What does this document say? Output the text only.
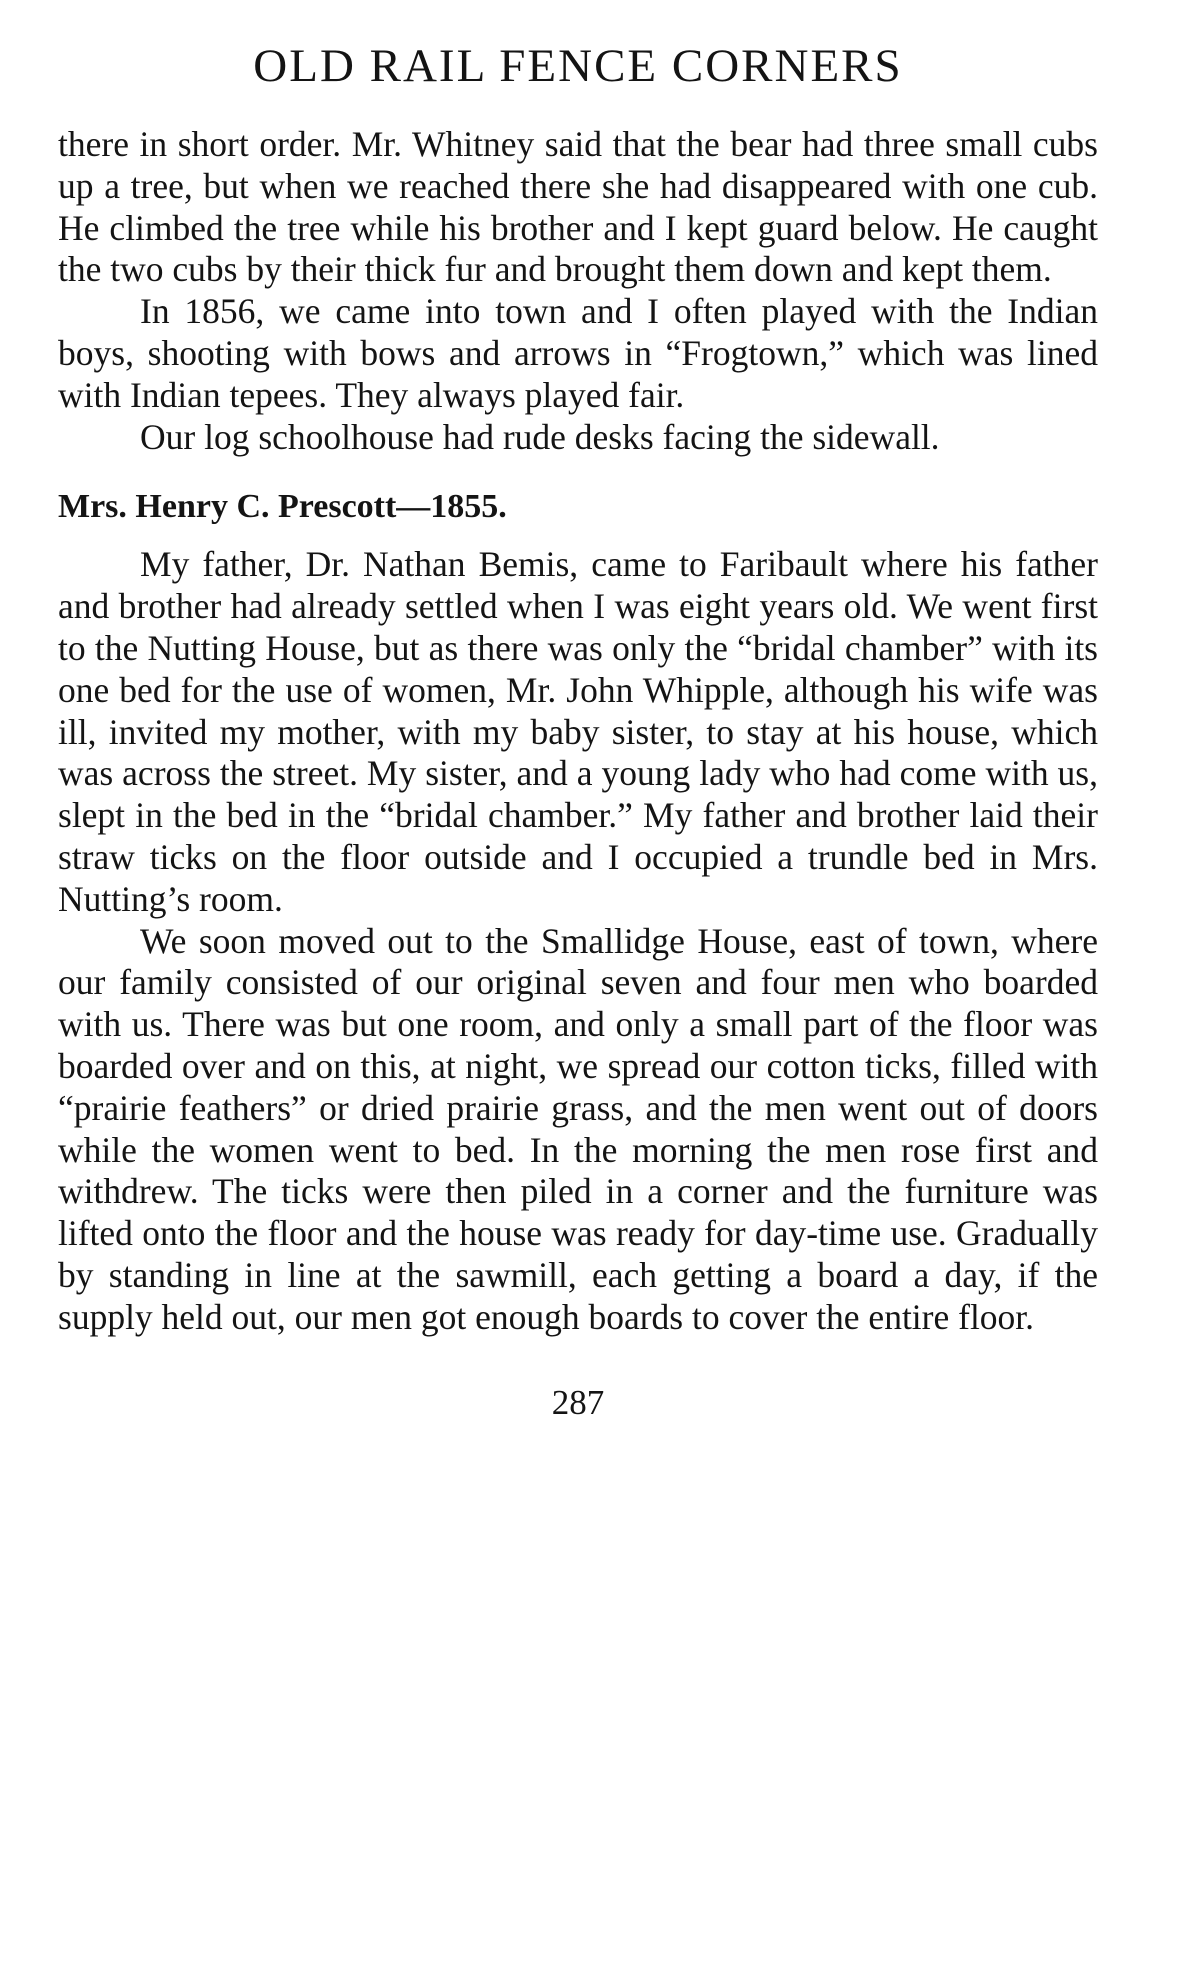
OLD RAIL FENCE CORNERS

there in short order. Mr. Whitney said that the bear had three small cubs up a tree, but when we reached there she had disappeared with one cub. He climbed the tree while his brother and I kept guard below. He caught the two cubs by their thick fur and brought them down and kept them.

In 1856, we came into town and I often played with the Indian boys, shooting with bows and arrows in “Frogtown,” which was lined with Indian tepees. They always played fair.

Our log schoolhouse had rude desks facing the sidewall.

Mrs. Henry C. Prescott—1855.

My father, Dr. Nathan Bemis, came to Faribault where his father and brother had already settled when I was eight years old. We went first to the Nutting House, but as there was only the “bridal chamber” with its one bed for the use of women, Mr. John Whipple, although his wife was ill, invited my mother, with my baby sister, to stay at his house, which was across the street. My sister, and a young lady who had come with us, slept in the bed in the “bridal chamber.” My father and brother laid their straw ticks on the floor outside and I occupied a trundle bed in Mrs. Nutting’s room.

We soon moved out to the Smallidge House, east of town, where our family consisted of our original seven and four men who boarded with us. There was but one room, and only a small part of the floor was boarded over and on this, at night, we spread our cotton ticks, filled with “prairie feathers” or dried prairie grass, and the men went out of doors while the women went to bed. In the morning the men rose first and withdrew. The ticks were then piled in a corner and the furniture was lifted onto the floor and the house was ready for day-time use. Gradually by standing in line at the sawmill, each getting a board a day, if the supply held out, our men got enough boards to cover the entire floor.

287
